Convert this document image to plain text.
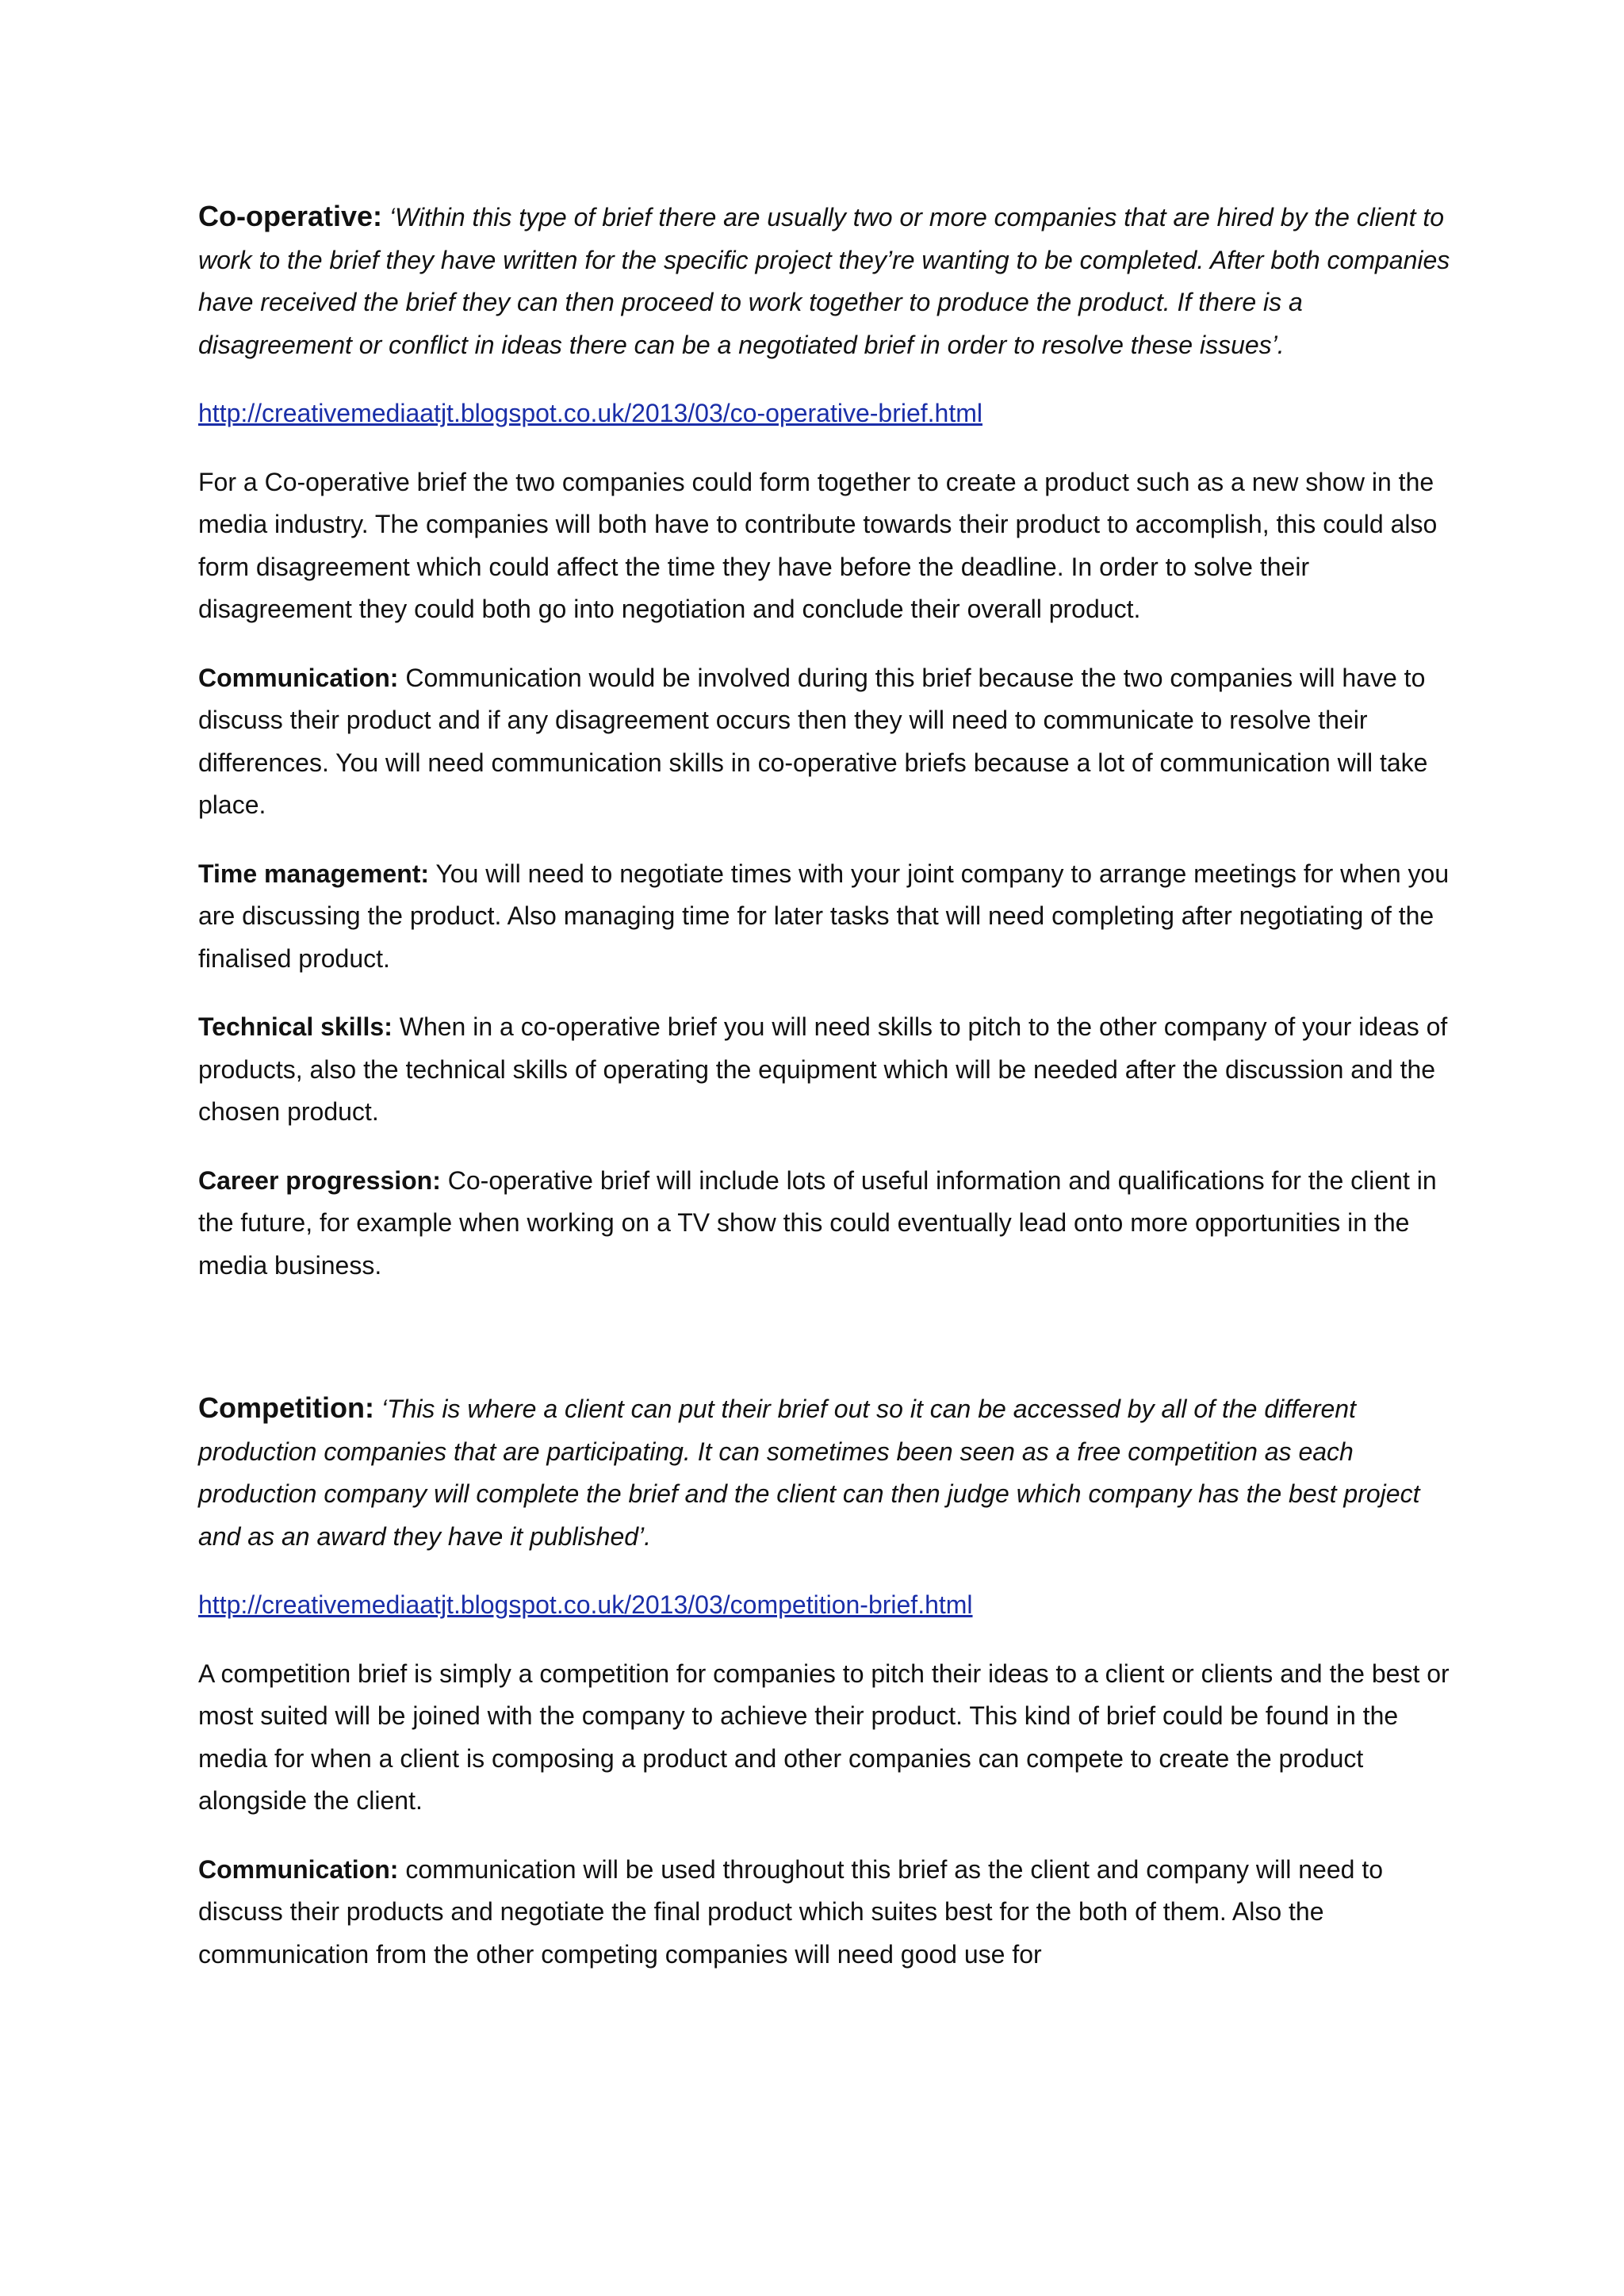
Co-operative: ‘Within this type of brief there are usually two or more companies that are hired by the client to work to the brief they have written for the specific project they’re wanting to be completed. After both companies have received the brief they can then proceed to work together to produce the product. If there is a disagreement or conflict in ideas there can be a negotiated brief in order to resolve these issues’.

http://creativemediaatjt.blogspot.co.uk/2013/03/co-operative-brief.html

For a Co-operative brief the two companies could form together to create a product such as a new show in the media industry. The companies will both have to contribute towards their product to accomplish, this could also form disagreement which could affect the time they have before the deadline. In order to solve their disagreement they could both go into negotiation and conclude their overall product.

Communication: Communication would be involved during this brief because the two companies will have to discuss their product and if any disagreement occurs then they will need to communicate to resolve their differences. You will need communication skills in co-operative briefs because a lot of communication will take place.

Time management: You will need to negotiate times with your joint company to arrange meetings for when you are discussing the product. Also managing time for later tasks that will need completing after negotiating of the finalised product.

Technical skills: When in a co-operative brief you will need skills to pitch to the other company of your ideas of products, also the technical skills of operating the equipment which will be needed after the discussion and the chosen product.

Career progression: Co-operative brief will include lots of useful information and qualifications for the client in the future, for example when working on a TV show this could eventually lead onto more opportunities in the media business.

Competition: ‘This is where a client can put their brief out so it can be accessed by all of the different production companies that are participating. It can sometimes been seen as a free competition as each production company will complete the brief and the client can then judge which company has the best project and as an award they have it published’.

http://creativemediaatjt.blogspot.co.uk/2013/03/competition-brief.html

A competition brief is simply a competition for companies to pitch their ideas to a client or clients and the best or most suited will be joined with the company to achieve their product. This kind of brief could be found in the media for when a client is composing a product and other companies can compete to create the product alongside the client.

Communication: communication will be used throughout this brief as the client and company will need to discuss their products and negotiate the final product which suites best for the both of them. Also the communication from the other competing companies will need good use for
